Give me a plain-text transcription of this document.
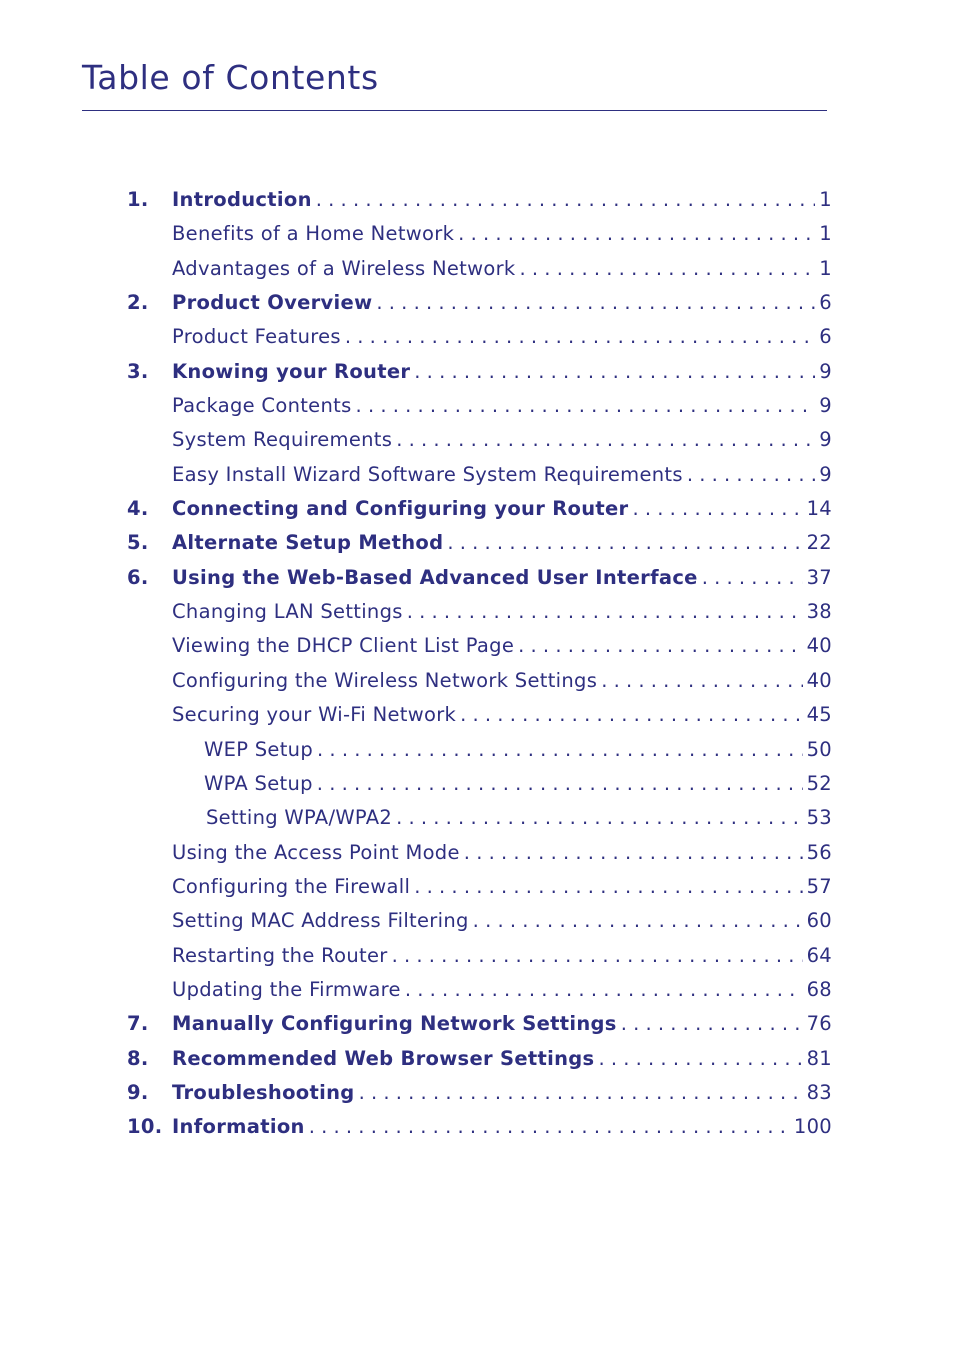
Table of Contents
1. Introduction . . .	1
Benefits of a Home Network . . .	1
Advantages of a Wireless Network . . .	1
2. Product Overview . . .	6
Product Features . . .	6
3. Knowing your Router . . .	9
Package Contents . . .	9
System Requirements . . .	9
Easy Install Wizard Software System Requirements . . .	9
4. Connecting and Configuring your Router . . .	14
5. Alternate Setup Method . . .	22
6. Using the Web-Based Advanced User Interface . . .	37
Changing LAN Settings . . .	38
Viewing the DHCP Client List Page . . .	40
Configuring the Wireless Network Settings . . .	40
Securing your Wi-Fi Network . . .	45
WEP Setup . . .	50
WPA Setup . . .	52
Setting WPA/WPA2 . . .	53
Using the Access Point Mode . . .	56
Configuring the Firewall . . .	57
Setting MAC Address Filtering . . .	60
Restarting the Router . . .	64
Updating the Firmware . . .	68
7. Manually Configuring Network Settings . . .	76
8. Recommended Web Browser Settings . . .	81
9. Troubleshooting . . .	83
10. Information . . .	100
